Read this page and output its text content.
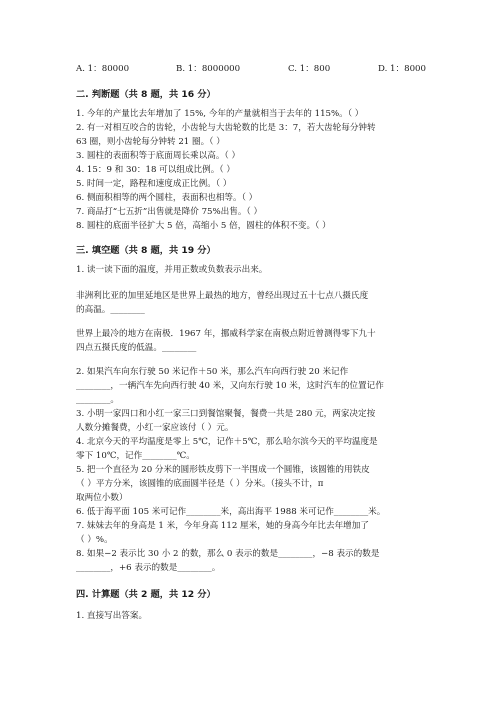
A. 1：80000	B. 1：8000000	C. 1：800	D. 1：8000
二. 判断题（共 8 题，共 16 分）
1. 今年的产量比去年增加了 15%, 今年的产量就相当于去年的 115%。（ ）
2. 有一对相互咬合的齿轮，小齿轮与大齿轮数的比是 3：7，若大齿轮每分钟转
63 圈，则小齿轮每分钟转 21 圈。（ ）
3. 圆柱的表面积等于底面周长乘以高。（ ）
4. 15：9 和 30：18 可以组成比例。（ ）
5. 时间一定，路程和速度成正比例。（ ）
6. 侧面积相等的两个圆柱，表面积也相等。（ ）
7. 商品打“七五折”出售就是降价 75%出售。（ ）
8. 圆柱的底面半径扩大 5 倍，高缩小 5 倍，圆柱的体积不变。（ ）
三. 填空题（共 8 题，共 19 分）
1. 读一读下面的温度，并用正数或负数表示出来。
非洲利比亚的加里延地区是世界上最热的地方，曾经出现过五十七点八摄氏度
的高温。________
世界上最冷的地方在南极．1967 年，挪威科学家在南极点附近曾测得零下九十
四点五摄氏度的低温。________
2. 如果汽车向东行驶 50 米记作＋50 米，那么汽车向西行驶 20 米记作
________，一辆汽车先向西行驶 40 米，又向东行驶 10 米，这时汽车的位置记作
________。
3. 小明一家四口和小红一家三口到餐馆聚餐，餐费一共是 280 元，两家决定按
人数分摊餐费，小红一家应该付（ ）元。
4. 北京今天的平均温度是零上 5℃，记作＋5℃，那么哈尔滨今天的平均温度是
零下 10℃，记作________℃。
5. 把一个直径为 20 分米的圆形铁皮剪下一半围成一个圆锥，该圆锥的用铁皮
（ ）平方分米，该圆锥的底面圆半径是（ ）分米。（接头不计，π
取两位小数）
6. 低于海平面 105 米可记作________米，高出海平 1988 米可记作________米。
7. 妹妹去年的身高是 1 米，今年身高 112 厘米，她的身高今年比去年增加了
（ ）%。
8. 如果−2 表示比 30 小 2 的数，那么 0 表示的数是________，−8 表示的数是
________，+6 表示的数是________。
四. 计算题（共 2 题，共 12 分）
1. 直接写出答案。
